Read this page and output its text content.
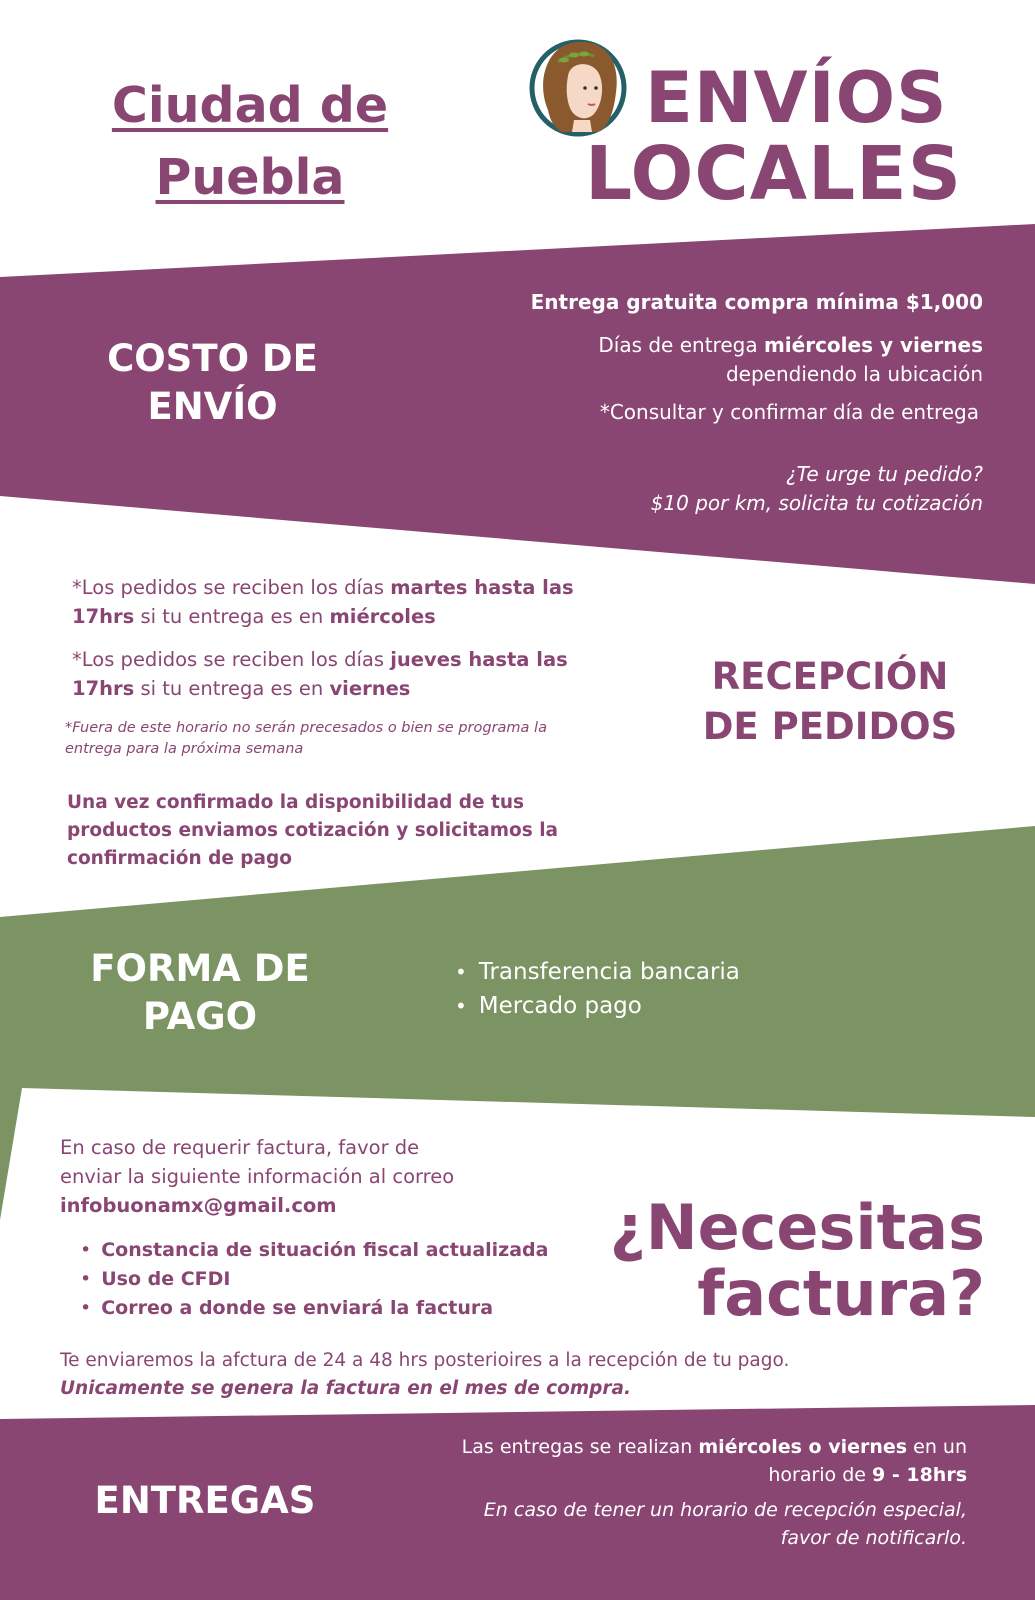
Ciudad de
Puebla
ENVÍOS
LOCALES
COSTO DE
ENVÍO
Entrega gratuita compra mínima $1,000
Días de entrega miércoles y viernes
dependiendo la ubicación
*Consultar y confirmar día de entrega
¿Te urge tu pedido?
$10 por km, solicita tu cotización
*Los pedidos se reciben los días martes hasta las
17hrs si tu entrega es en miércoles
*Los pedidos se reciben los días jueves hasta las
17hrs si tu entrega es en viernes
*Fuera de este horario no serán precesados o bien se programa la
entrega para la próxima semana
Una vez confirmado la disponibilidad de tus
productos enviamos cotización y solicitamos la
confirmación de pago
RECEPCIÓN
DE PEDIDOS
FORMA DE
PAGO
• Transferencia bancaria
• Mercado pago
En caso de requerir factura, favor de
enviar la siguiente información al correo
infobuonamx@gmail.com
• Constancia de situación fiscal actualizada
• Uso de CFDI
• Correo a donde se enviará la factura
¿Necesitas
factura?
Te enviaremos la afctura de 24 a 48 hrs posterioires a la recepción de tu pago.
Unicamente se genera la factura en el mes de compra.
ENTREGAS
Las entregas se realizan miércoles o viernes en un
horario de 9 - 18hrs
En caso de tener un horario de recepción especial,
favor de notificarlo.
